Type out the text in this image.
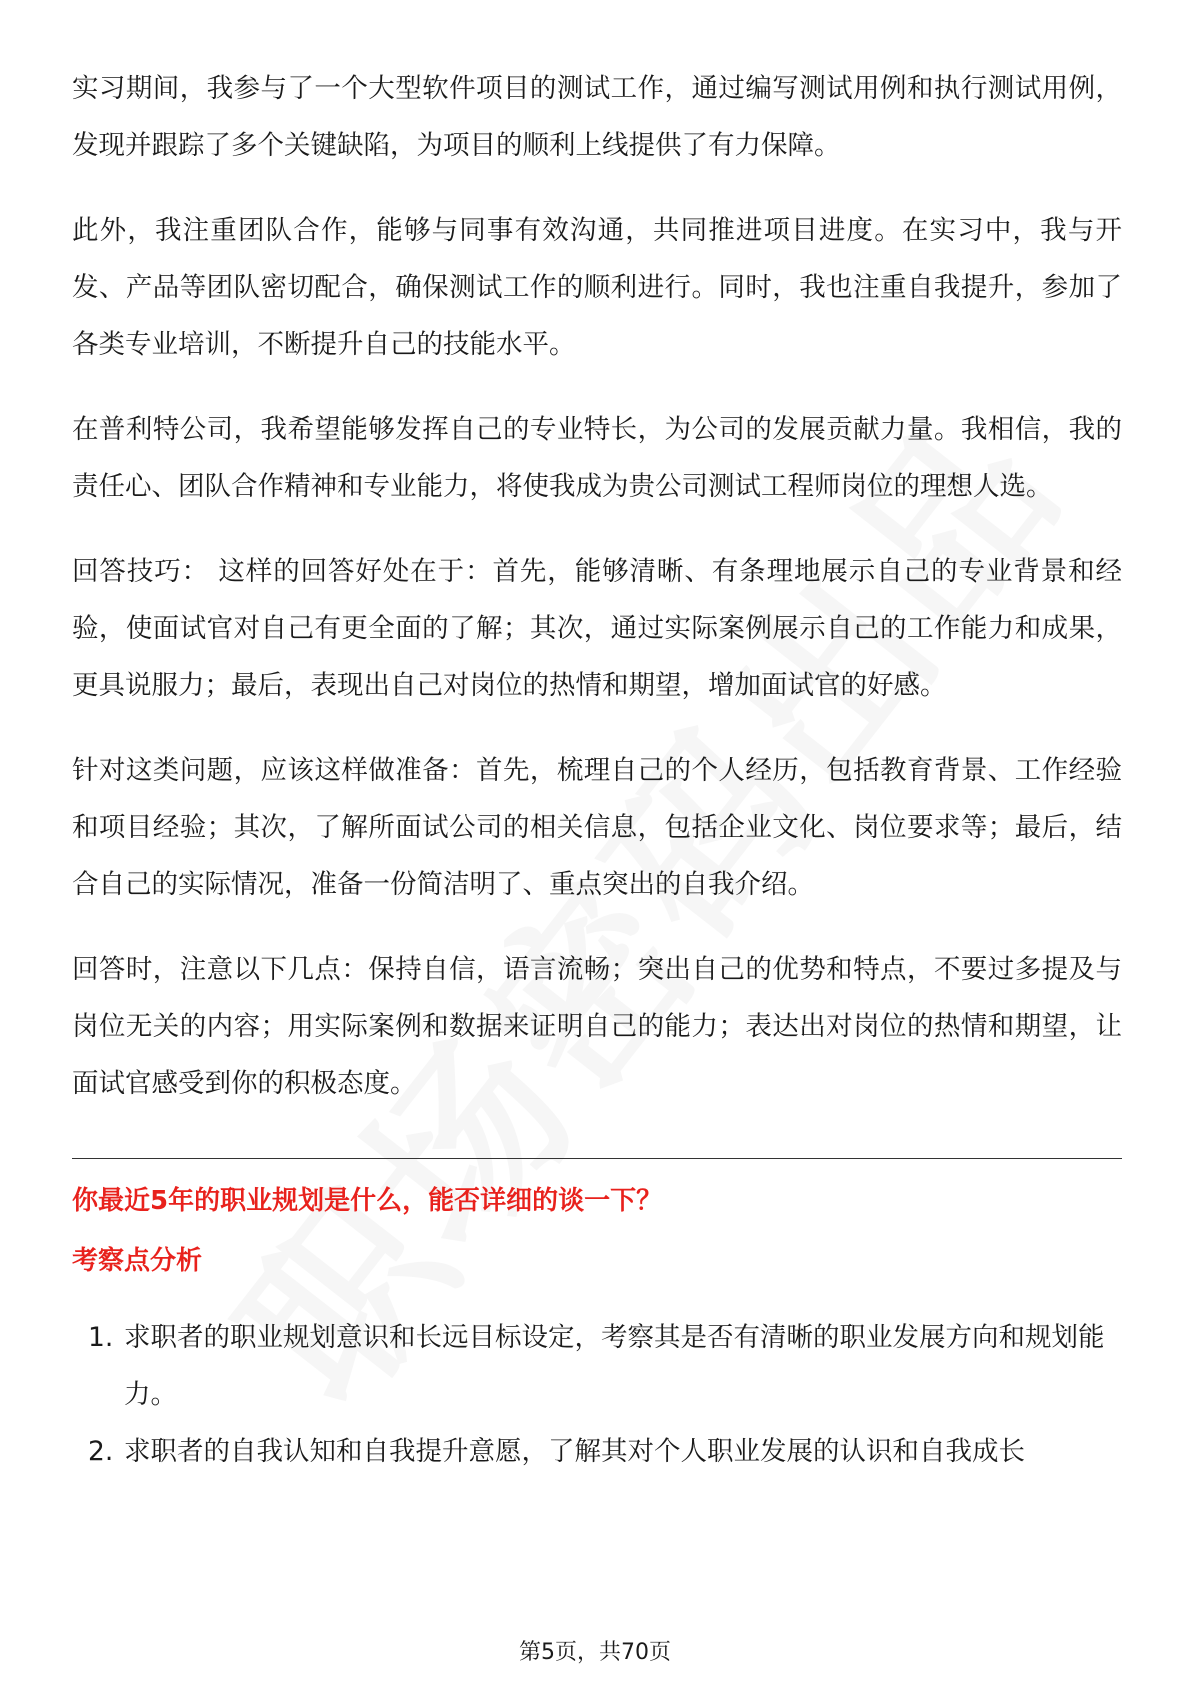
实习期间，我参与了一个大型软件项目的测试工作，通过编写测试用例和执行测试用例，发现并跟踪了多个关键缺陷，为项目的顺利上线提供了有力保障。

此外，我注重团队合作，能够与同事有效沟通，共同推进项目进度。在实习中，我与开发、产品等团队密切配合，确保测试工作的顺利进行。同时，我也注重自我提升，参加了各类专业培训，不断提升自己的技能水平。

在普利特公司，我希望能够发挥自己的专业特长，为公司的发展贡献力量。我相信，我的责任心、团队合作精神和专业能力，将使我成为贵公司测试工程师岗位的理想人选。

回答技巧： 这样的回答好处在于：首先，能够清晰、有条理地展示自己的专业背景和经验，使面试官对自己有更全面的了解；其次，通过实际案例展示自己的工作能力和成果，更具说服力；最后，表现出自己对岗位的热情和期望，增加面试官的好感。

针对这类问题，应该这样做准备：首先，梳理自己的个人经历，包括教育背景、工作经验和项目经验；其次，了解所面试公司的相关信息，包括企业文化、岗位要求等；最后，结合自己的实际情况，准备一份简洁明了、重点突出的自我介绍。

回答时，注意以下几点：保持自信，语言流畅；突出自己的优势和特点，不要过多提及与岗位无关的内容；用实际案例和数据来证明自己的能力；表达出对岗位的热情和期望，让面试官感受到你的积极态度。

你最近5年的职业规划是什么，能否详细的谈一下？
考察点分析
1. 求职者的职业规划意识和长远目标设定，考察其是否有清晰的职业发展方向和规划能力。
2. 求职者的自我认知和自我提升意愿，了解其对个人职业发展的认识和自我成长
第5页，共70页
